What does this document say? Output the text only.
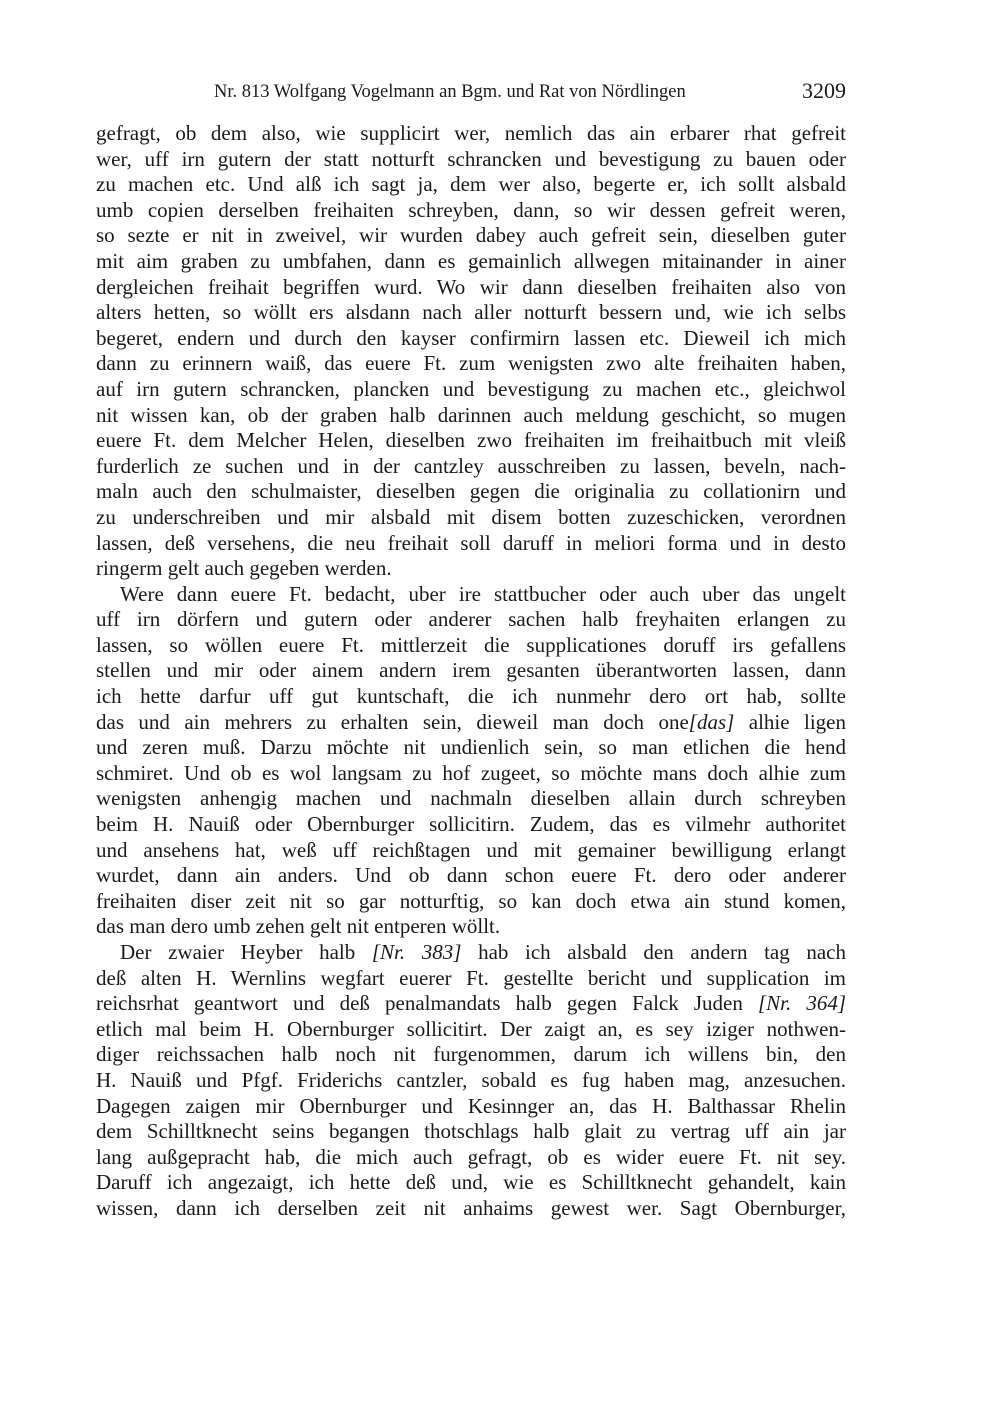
Nr. 813 Wolfgang Vogelmann an Bgm. und Rat von Nördlingen	3209
gefragt, ob dem also, wie supplicirt wer, nemlich das ain erbarer rhat gefreit
wer, uff irn gutern der statt notturft schrancken und bevestigung zu bauen oder
zu machen etc. Und alß ich sagt ja, dem wer also, begerte er, ich sollt alsbald
umb copien derselben freihaiten schreyben, dann, so wir dessen gefreit weren,
so sezte er nit in zweivel, wir wurden dabey auch gefreit sein, dieselben guter
mit aim graben zu umbfahen, dann es gemainlich allwegen mitainander in ainer
dergleichen freihait begriffen wurd. Wo wir dann dieselben freihaiten also von
alters hetten, so wöllt ers alsdann nach aller notturft bessern und, wie ich selbs
begeret, endern und durch den kayser confirmirn lassen etc. Dieweil ich mich
dann zu erinnern waiß, das euere Ft. zum wenigsten zwo alte freihaiten haben,
auf irn gutern schrancken, plancken und bevestigung zu machen etc., gleichwol
nit wissen kan, ob der graben halb darinnen auch meldung geschicht, so mugen
euere Ft. dem Melcher Helen, dieselben zwo freihaiten im freihaitbuch mit vleiß
furderlich ze suchen und in der cantzley ausschreiben zu lassen, beveln, nach-
maln auch den schulmaister, dieselben gegen die originalia zu collationirn und
zu underschreiben und mir alsbald mit disem botten zuzeschicken, verordnen
lassen, deß versehens, die neu freihait soll daruff in meliori forma und in desto
ringerm gelt auch gegeben werden.
Were dann euere Ft. bedacht, uber ire stattbucher oder auch uber das ungelt
uff irn dörfern und gutern oder anderer sachen halb freyhaiten erlangen zu
lassen, so wöllen euere Ft. mittlerzeit die supplicationes doruff irs gefallens
stellen und mir oder ainem andern irem gesanten überantworten lassen, dann
ich hette darfur uff gut kuntschaft, die ich nunmehr dero ort hab, sollte
das und ain mehrers zu erhalten sein, dieweil man doch one[das] alhie ligen
und zeren muß. Darzu möchte nit undienlich sein, so man etlichen die hend
schmiret. Und ob es wol langsam zu hof zugeet, so möchte mans doch alhie zum
wenigsten anhengig machen und nachmaln dieselben allain durch schreyben
beim H. Nauiß oder Obernburger sollicitirn. Zudem, das es vilmehr authoritet
und ansehens hat, weß uff reichßtagen und mit gemainer bewilligung erlangt
wurdet, dann ain anders. Und ob dann schon euere Ft. dero oder anderer
freihaiten diser zeit nit so gar notturftig, so kan doch etwa ain stund komen,
das man dero umb zehen gelt nit entperen wöllt.
Der zwaier Heyber halb [Nr. 383] hab ich alsbald den andern tag nach
deß alten H. Wernlins wegfart euerer Ft. gestellte bericht und supplication im
reichsrhat geantwort und deß penalmandats halb gegen Falck Juden [Nr. 364]
etlich mal beim H. Obernburger sollicitirt. Der zaigt an, es sey iziger nothwen-
diger reichssachen halb noch nit furgenommen, darum ich willens bin, den
H. Nauiß und Pfgf. Friderichs cantzler, sobald es fug haben mag, anzesuchen.
Dagegen zaigen mir Obernburger und Kesinnger an, das H. Balthassar Rhelin
dem Schilltknecht seins begangen thotschlags halb glait zu vertrag uff ain jar
lang außgepracht hab, die mich auch gefragt, ob es wider euere Ft. nit sey.
Daruff ich angezaigt, ich hette deß und, wie es Schilltknecht gehandelt, kain
wissen, dann ich derselben zeit nit anhaims gewest wer. Sagt Obernburger,
